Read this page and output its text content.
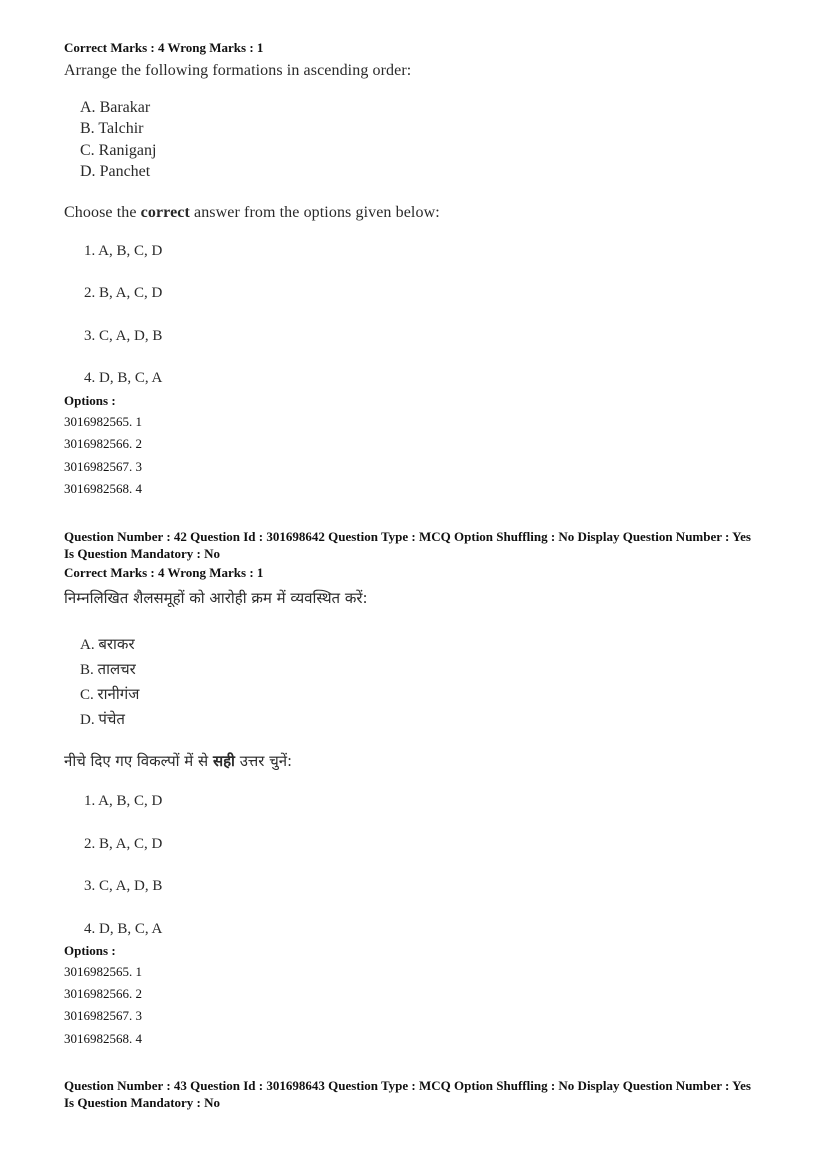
Correct Marks : 4 Wrong Marks : 1
Arrange the following formations in ascending order:
A. Barakar
B. Talchir
C. Raniganj
D. Panchet
Choose the correct answer from the options given below:
1. A, B, C, D
2. B, A, C, D
3. C, A, D, B
4. D, B, C, A
Options :
3016982565. 1
3016982566. 2
3016982567. 3
3016982568. 4
Question Number : 42 Question Id : 301698642 Question Type : MCQ Option Shuffling : No Display Question Number : Yes Is Question Mandatory : No
Correct Marks : 4 Wrong Marks : 1
निम्नलिखित शैलसमूहों को आरोही क्रम में व्यवस्थित करें:
A. बराकर
B. तालचर
C. रानीगंज
D. पंचेत
नीचे दिए गए विकल्पों में से सही उत्तर चुनें:
1. A, B, C, D
2. B, A, C, D
3. C, A, D, B
4. D, B, C, A
Options :
3016982565. 1
3016982566. 2
3016982567. 3
3016982568. 4
Question Number : 43 Question Id : 301698643 Question Type : MCQ Option Shuffling : No Display Question Number : Yes Is Question Mandatory : No
